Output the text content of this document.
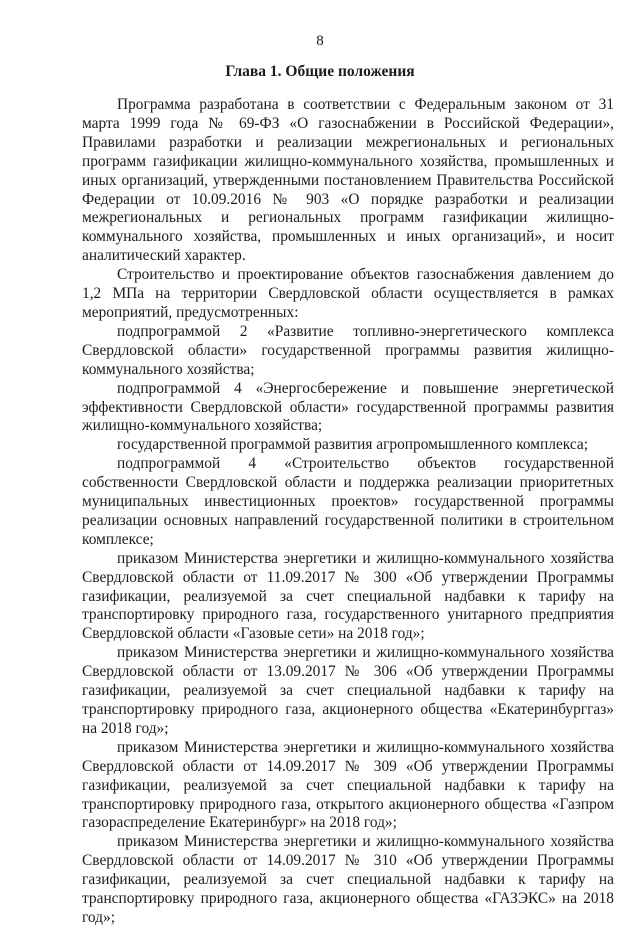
8
Глава 1. Общие положения

Программа разработана в соответствии с Федеральным законом от 31 марта 1999 года № 69-ФЗ «О газоснабжении в Российской Федерации», Правилами разработки и реализации межрегиональных и региональных программ газификации жилищно-коммунального хозяйства, промышленных и иных организаций, утвержденными постановлением Правительства Российской Федерации от 10.09.2016 № 903 «О порядке разработки и реализации межрегиональных и региональных программ газификации жилищно-коммунального хозяйства, промышленных и иных организаций», и носит аналитический характер.

Строительство и проектирование объектов газоснабжения давлением до 1,2 МПа на территории Свердловской области осуществляется в рамках мероприятий, предусмотренных:

подпрограммой 2 «Развитие топливно-энергетического комплекса Свердловской области» государственной программы развития жилищно-коммунального хозяйства;

подпрограммой 4 «Энергосбережение и повышение энергетической эффективности Свердловской области» государственной программы развития жилищно-коммунального хозяйства;

государственной программой развития агропромышленного комплекса;

подпрограммой 4 «Строительство объектов государственной собственности Свердловской области и поддержка реализации приоритетных муниципальных инвестиционных проектов» государственной программы реализации основных направлений государственной политики в строительном комплексе;

приказом Министерства энергетики и жилищно-коммунального хозяйства Свердловской области от 11.09.2017 № 300 «Об утверждении Программы газификации, реализуемой за счет специальной надбавки к тарифу на транспортировку природного газа, государственного унитарного предприятия Свердловской области «Газовые сети» на 2018 год»;

приказом Министерства энергетики и жилищно-коммунального хозяйства Свердловской области от 13.09.2017 № 306 «Об утверждении Программы газификации, реализуемой за счет специальной надбавки к тарифу на транспортировку природного газа, акционерного общества «Екатеринбурггаз» на 2018 год»;

приказом Министерства энергетики и жилищно-коммунального хозяйства Свердловской области от 14.09.2017 № 309 «Об утверждении Программы газификации, реализуемой за счет специальной надбавки к тарифу на транспортировку природного газа, открытого акционерного общества «Газпром газораспределение Екатеринбург» на 2018 год»;

приказом Министерства энергетики и жилищно-коммунального хозяйства Свердловской области от 14.09.2017 № 310 «Об утверждении Программы газификации, реализуемой за счет специальной надбавки к тарифу на транспортировку природного газа, акционерного общества «ГАЗЭКС» на 2018 год»;
